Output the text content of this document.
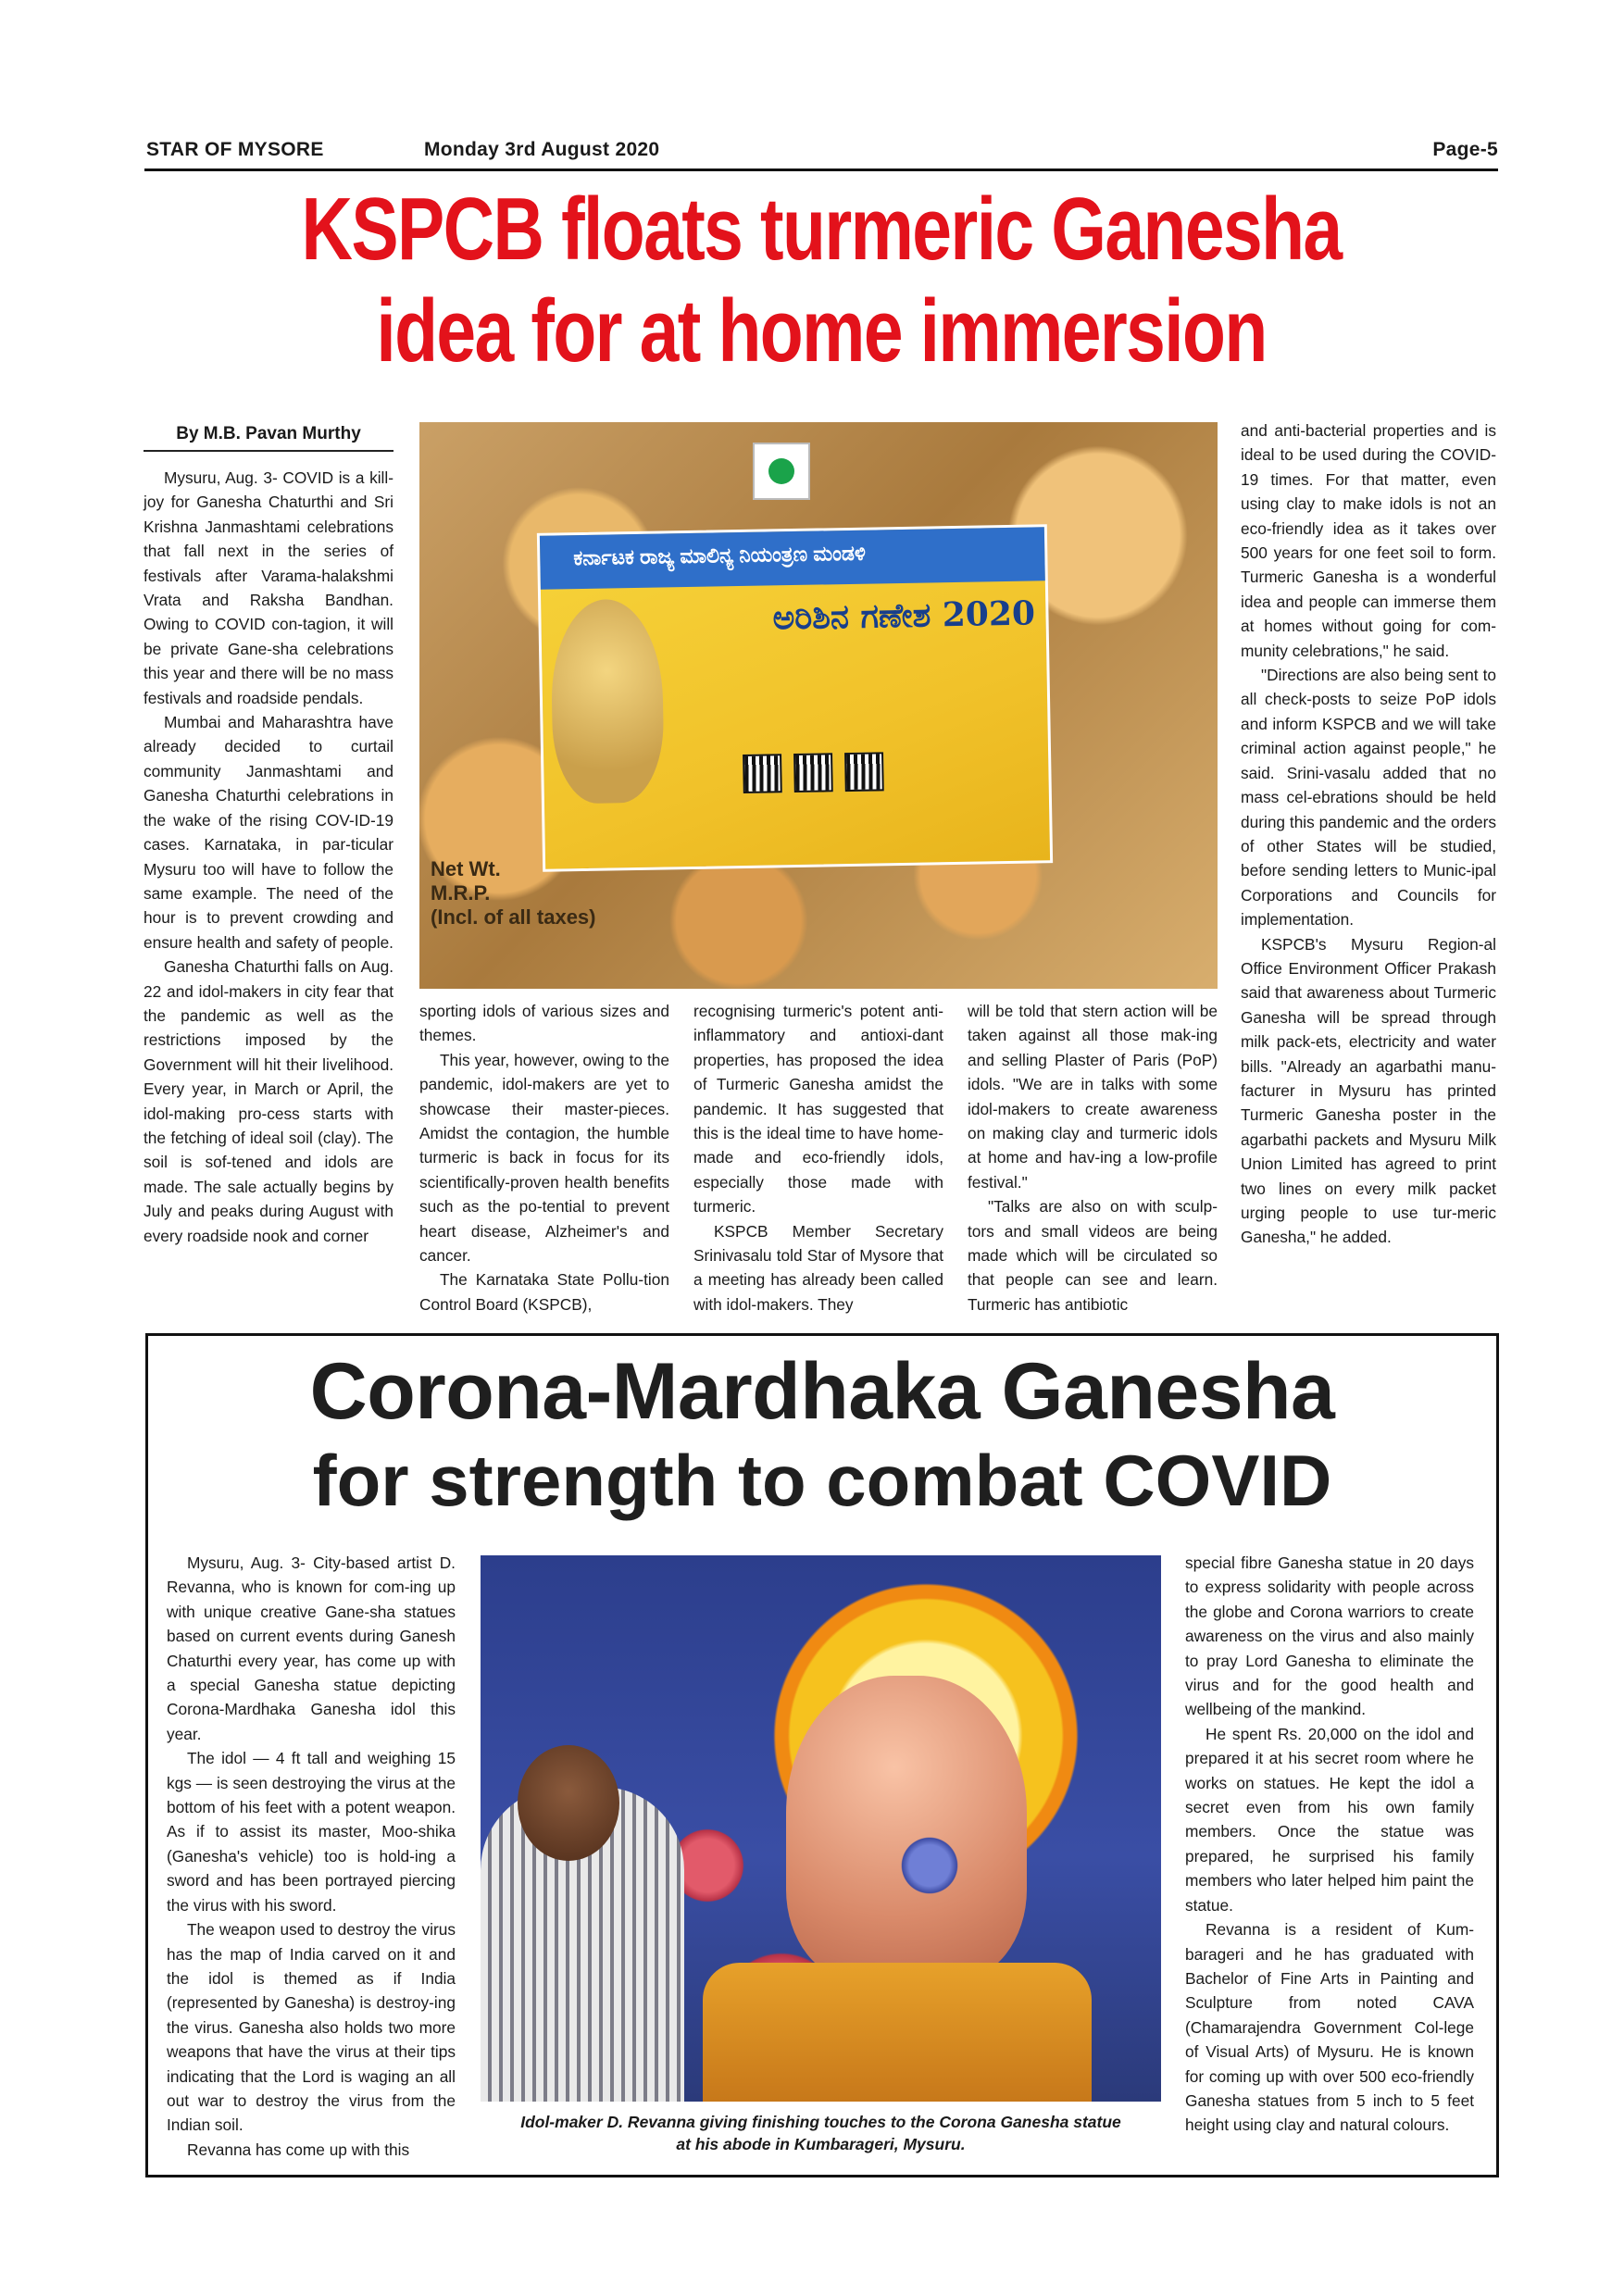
STAR OF MYSORE	Monday 3rd August 2020	Page-5
KSPCB floats turmeric Ganesha
idea for at home immersion
By M.B. Pavan Murthy

Mysuru, Aug. 3- COVID is a kill-joy for Ganesha Chaturthi and Sri Krishna Janmashtami celebrations that fall next in the series of festivals after Varama-halakshmi Vrata and Raksha Bandhan. Owing to COVID con-tagion, it will be private Gane-sha celebrations this year and there will be no mass festivals and roadside pendals.

Mumbai and Maharashtra have already decided to curtail community Janmashtami and Ganesha Chaturthi celebrations in the wake of the rising COV-ID-19 cases. Karnataka, in par-ticular Mysuru too will have to follow the same example. The need of the hour is to prevent crowding and ensure health and safety of people.

Ganesha Chaturthi falls on Aug. 22 and idol-makers in city fear that the pandemic as well as the restrictions imposed by the Government will hit their livelihood. Every year, in March or April, the idol-making pro-cess starts with the fetching of ideal soil (clay). The soil is sof-tened and idols are made. The sale actually begins by July and peaks during August with every roadside nook and corner

ಕರ್ನಾಟಕ ರಾಜ್ಯ ಮಾಲಿನ್ಯ ನಿಯಂತ್ರಣ ಮಂಡಳಿ
ಅರಿಶಿನ ಗಣೇಶ 2020
Net Wt.
M.R.P.
(Incl. of all taxes)

sporting idols of various sizes and themes.

This year, however, owing to the pandemic, idol-makers are yet to showcase their master-pieces. Amidst the contagion, the humble turmeric is back in focus for its scientifically-proven health benefits such as the po-tential to prevent heart disease, Alzheimer's and cancer.

The Karnataka State Pollu-tion Control Board (KSPCB),

recognising turmeric's potent anti-inflammatory and antioxi-dant properties, has proposed the idea of Turmeric Ganesha amidst the pandemic. It has suggested that this is the ideal time to have home-made and eco-friendly idols, especially those made with turmeric.

KSPCB Member Secretary Srinivasalu told Star of Mysore that a meeting has already been called with idol-makers. They

will be told that stern action will be taken against all those mak-ing and selling Plaster of Paris (PoP) idols. "We are in talks with some idol-makers to create awareness on making clay and turmeric idols at home and hav-ing a low-profile festival."

"Talks are also on with sculp-tors and small videos are being made which will be circulated so that people can see and learn. Turmeric has antibiotic

and anti-bacterial properties and is ideal to be used during the COVID-19 times. For that matter, even using clay to make idols is not an eco-friendly idea as it takes over 500 years for one feet soil to form. Turmeric Ganesha is a wonderful idea and people can immerse them at homes without going for com-munity celebrations," he said.

"Directions are also being sent to all check-posts to seize PoP idols and inform KSPCB and we will take criminal action against people," he said. Srini-vasalu added that no mass cel-ebrations should be held during this pandemic and the orders of other States will be studied, before sending letters to Munic-ipal Corporations and Councils for implementation.

KSPCB's Mysuru Region-al Office Environment Officer Prakash said that awareness about Turmeric Ganesha will be spread through milk pack-ets, electricity and water bills. "Already an agarbathi manu-facturer in Mysuru has printed Turmeric Ganesha poster in the agarbathi packets and Mysuru Milk Union Limited has agreed to print two lines on every milk packet urging people to use tur-meric Ganesha," he added.

Corona-Mardhaka Ganesha
for strength to combat COVID

Mysuru, Aug. 3- City-based artist D. Revanna, who is known for com-ing up with unique creative Gane-sha statues based on current events during Ganesh Chaturthi every year, has come up with a special Ganesha statue depicting Corona-Mardhaka Ganesha idol this year.

The idol — 4 ft tall and weighing 15 kgs — is seen destroying the virus at the bottom of his feet with a potent weapon. As if to assist its master, Moo-shika (Ganesha's vehicle) too is hold-ing a sword and has been portrayed piercing the virus with his sword.

The weapon used to destroy the virus has the map of India carved on it and the idol is themed as if India (represented by Ganesha) is destroy-ing the virus. Ganesha also holds two more weapons that have the virus at their tips indicating that the Lord is waging an all out war to destroy the virus from the Indian soil.

Revanna has come up with this

Idol-maker D. Revanna giving finishing touches to the Corona Ganesha statue
at his abode in Kumbarageri, Mysuru.

special fibre Ganesha statue in 20 days to express solidarity with people across the globe and Corona warriors to create awareness on the virus and also mainly to pray Lord Ganesha to eliminate the virus and for the good health and wellbeing of the mankind.

He spent Rs. 20,000 on the idol and prepared it at his secret room where he works on statues. He kept the idol a secret even from his own family members. Once the statue was prepared, he surprised his family members who later helped him paint the statue.

Revanna is a resident of Kum-barageri and he has graduated with Bachelor of Fine Arts in Painting and Sculpture from noted CAVA (Chamarajendra Government Col-lege of Visual Arts) of Mysuru. He is known for coming up with over 500 eco-friendly Ganesha statues from 5 inch to 5 feet height using clay and natural colours.
